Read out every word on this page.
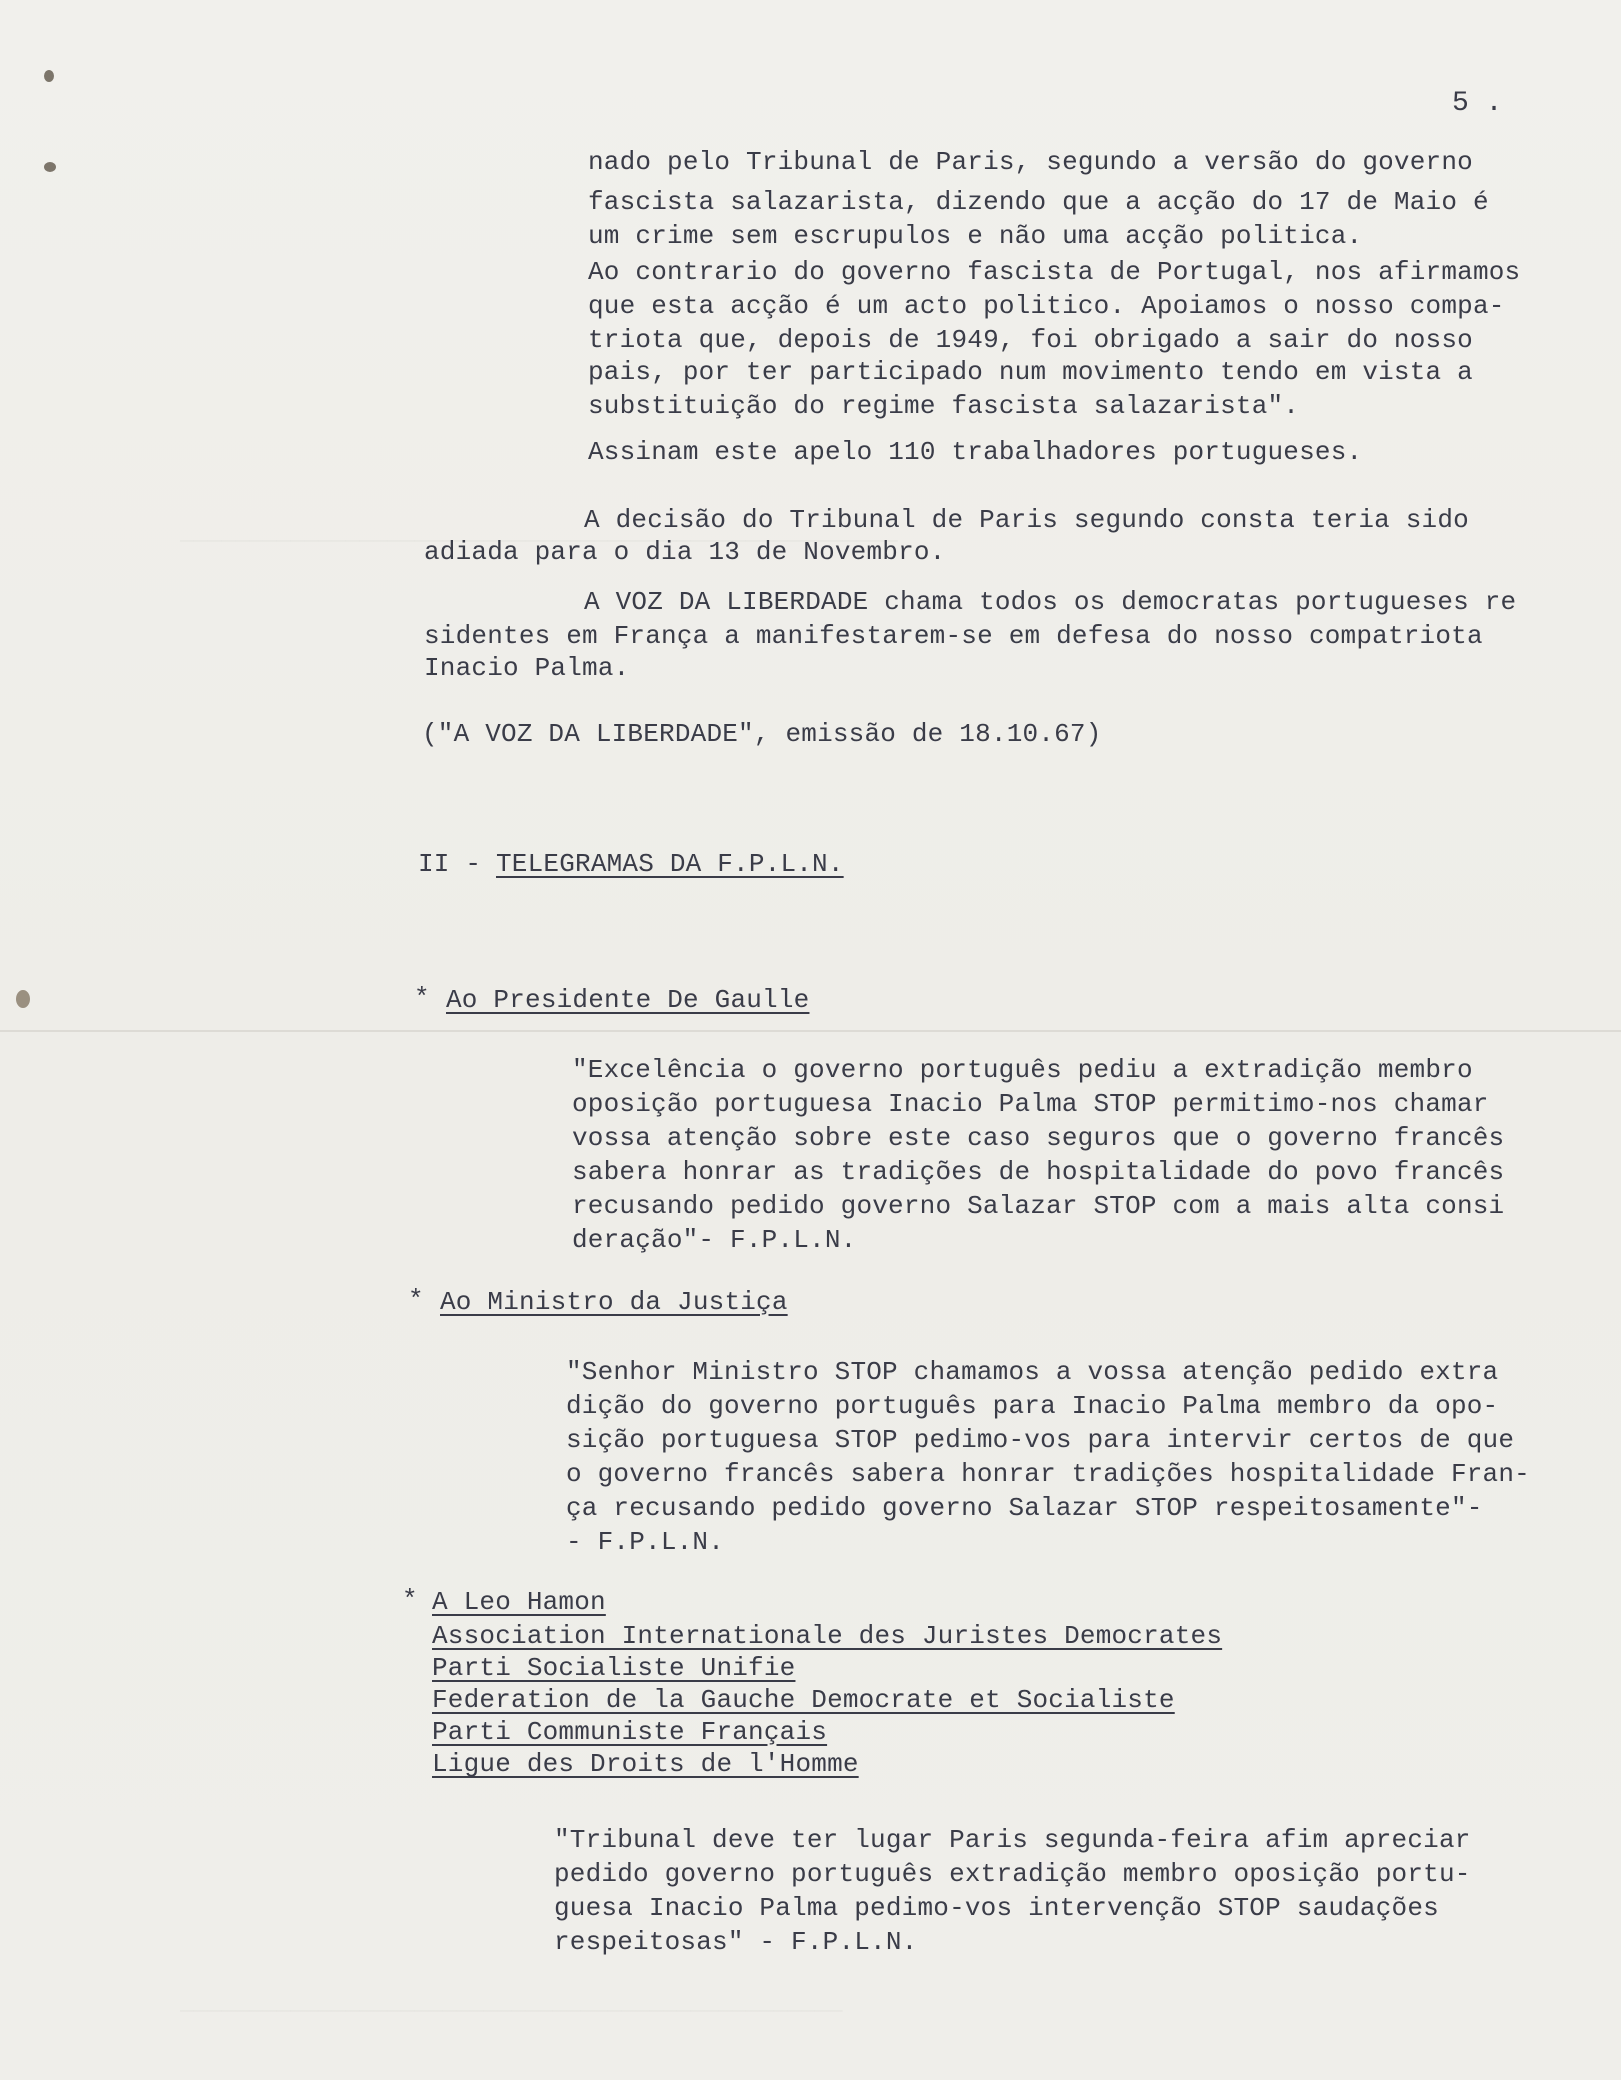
____________________________________________________
________________________________________________
5 .
nado pelo Tribunal de Paris, segundo a versão do governo
fascista salazarista, dizendo que a acção do 17 de Maio é
um crime sem escrupulos e não uma acção politica.
Ao contrario do governo fascista de Portugal, nos afirmamos
que esta acção é um acto politico. Apoiamos o nosso compa-
triota que, depois de 1949, foi obrigado a sair do nosso
pais, por ter participado num movimento tendo em vista a
substituição do regime fascista salazarista".
Assinam este apelo 110 trabalhadores portugueses.
A decisão do Tribunal de Paris segundo consta teria sido
adiada para o dia 13 de Novembro.
A VOZ DA LIBERDADE chama todos os democratas portugueses re
sidentes em França a manifestarem-se em defesa do nosso compatriota
Inacio Palma.
("A VOZ DA LIBERDADE", emissão de 18.10.67)
II - TELEGRAMAS DA F.P.L.N.
* Ao Presidente De Gaulle
"Excelência o governo português pediu a extradição membro
oposição portuguesa Inacio Palma STOP permitimo-nos chamar
vossa atenção sobre este caso seguros que o governo francês
sabera honrar as tradições de hospitalidade do povo francês
recusando pedido governo Salazar STOP com a mais alta consi
deração"- F.P.L.N.
* Ao Ministro da Justiça
"Senhor Ministro STOP chamamos a vossa atenção pedido extra
dição do governo português para Inacio Palma membro da opo-
sição portuguesa STOP pedimo-vos para intervir certos de que
o governo francês sabera honrar tradições hospitalidade Fran-
ça recusando pedido governo Salazar STOP respeitosamente"-
- F.P.L.N.
* A Leo Hamon
Association Internationale des Juristes Democrates
Parti Socialiste Unifie
Federation de la Gauche Democrate et Socialiste
Parti Communiste Français
Ligue des Droits de l'Homme
"Tribunal deve ter lugar Paris segunda-feira afim apreciar
pedido governo português extradição membro oposição portu-
guesa Inacio Palma pedimo-vos intervenção STOP saudações
respeitosas" - F.P.L.N.
